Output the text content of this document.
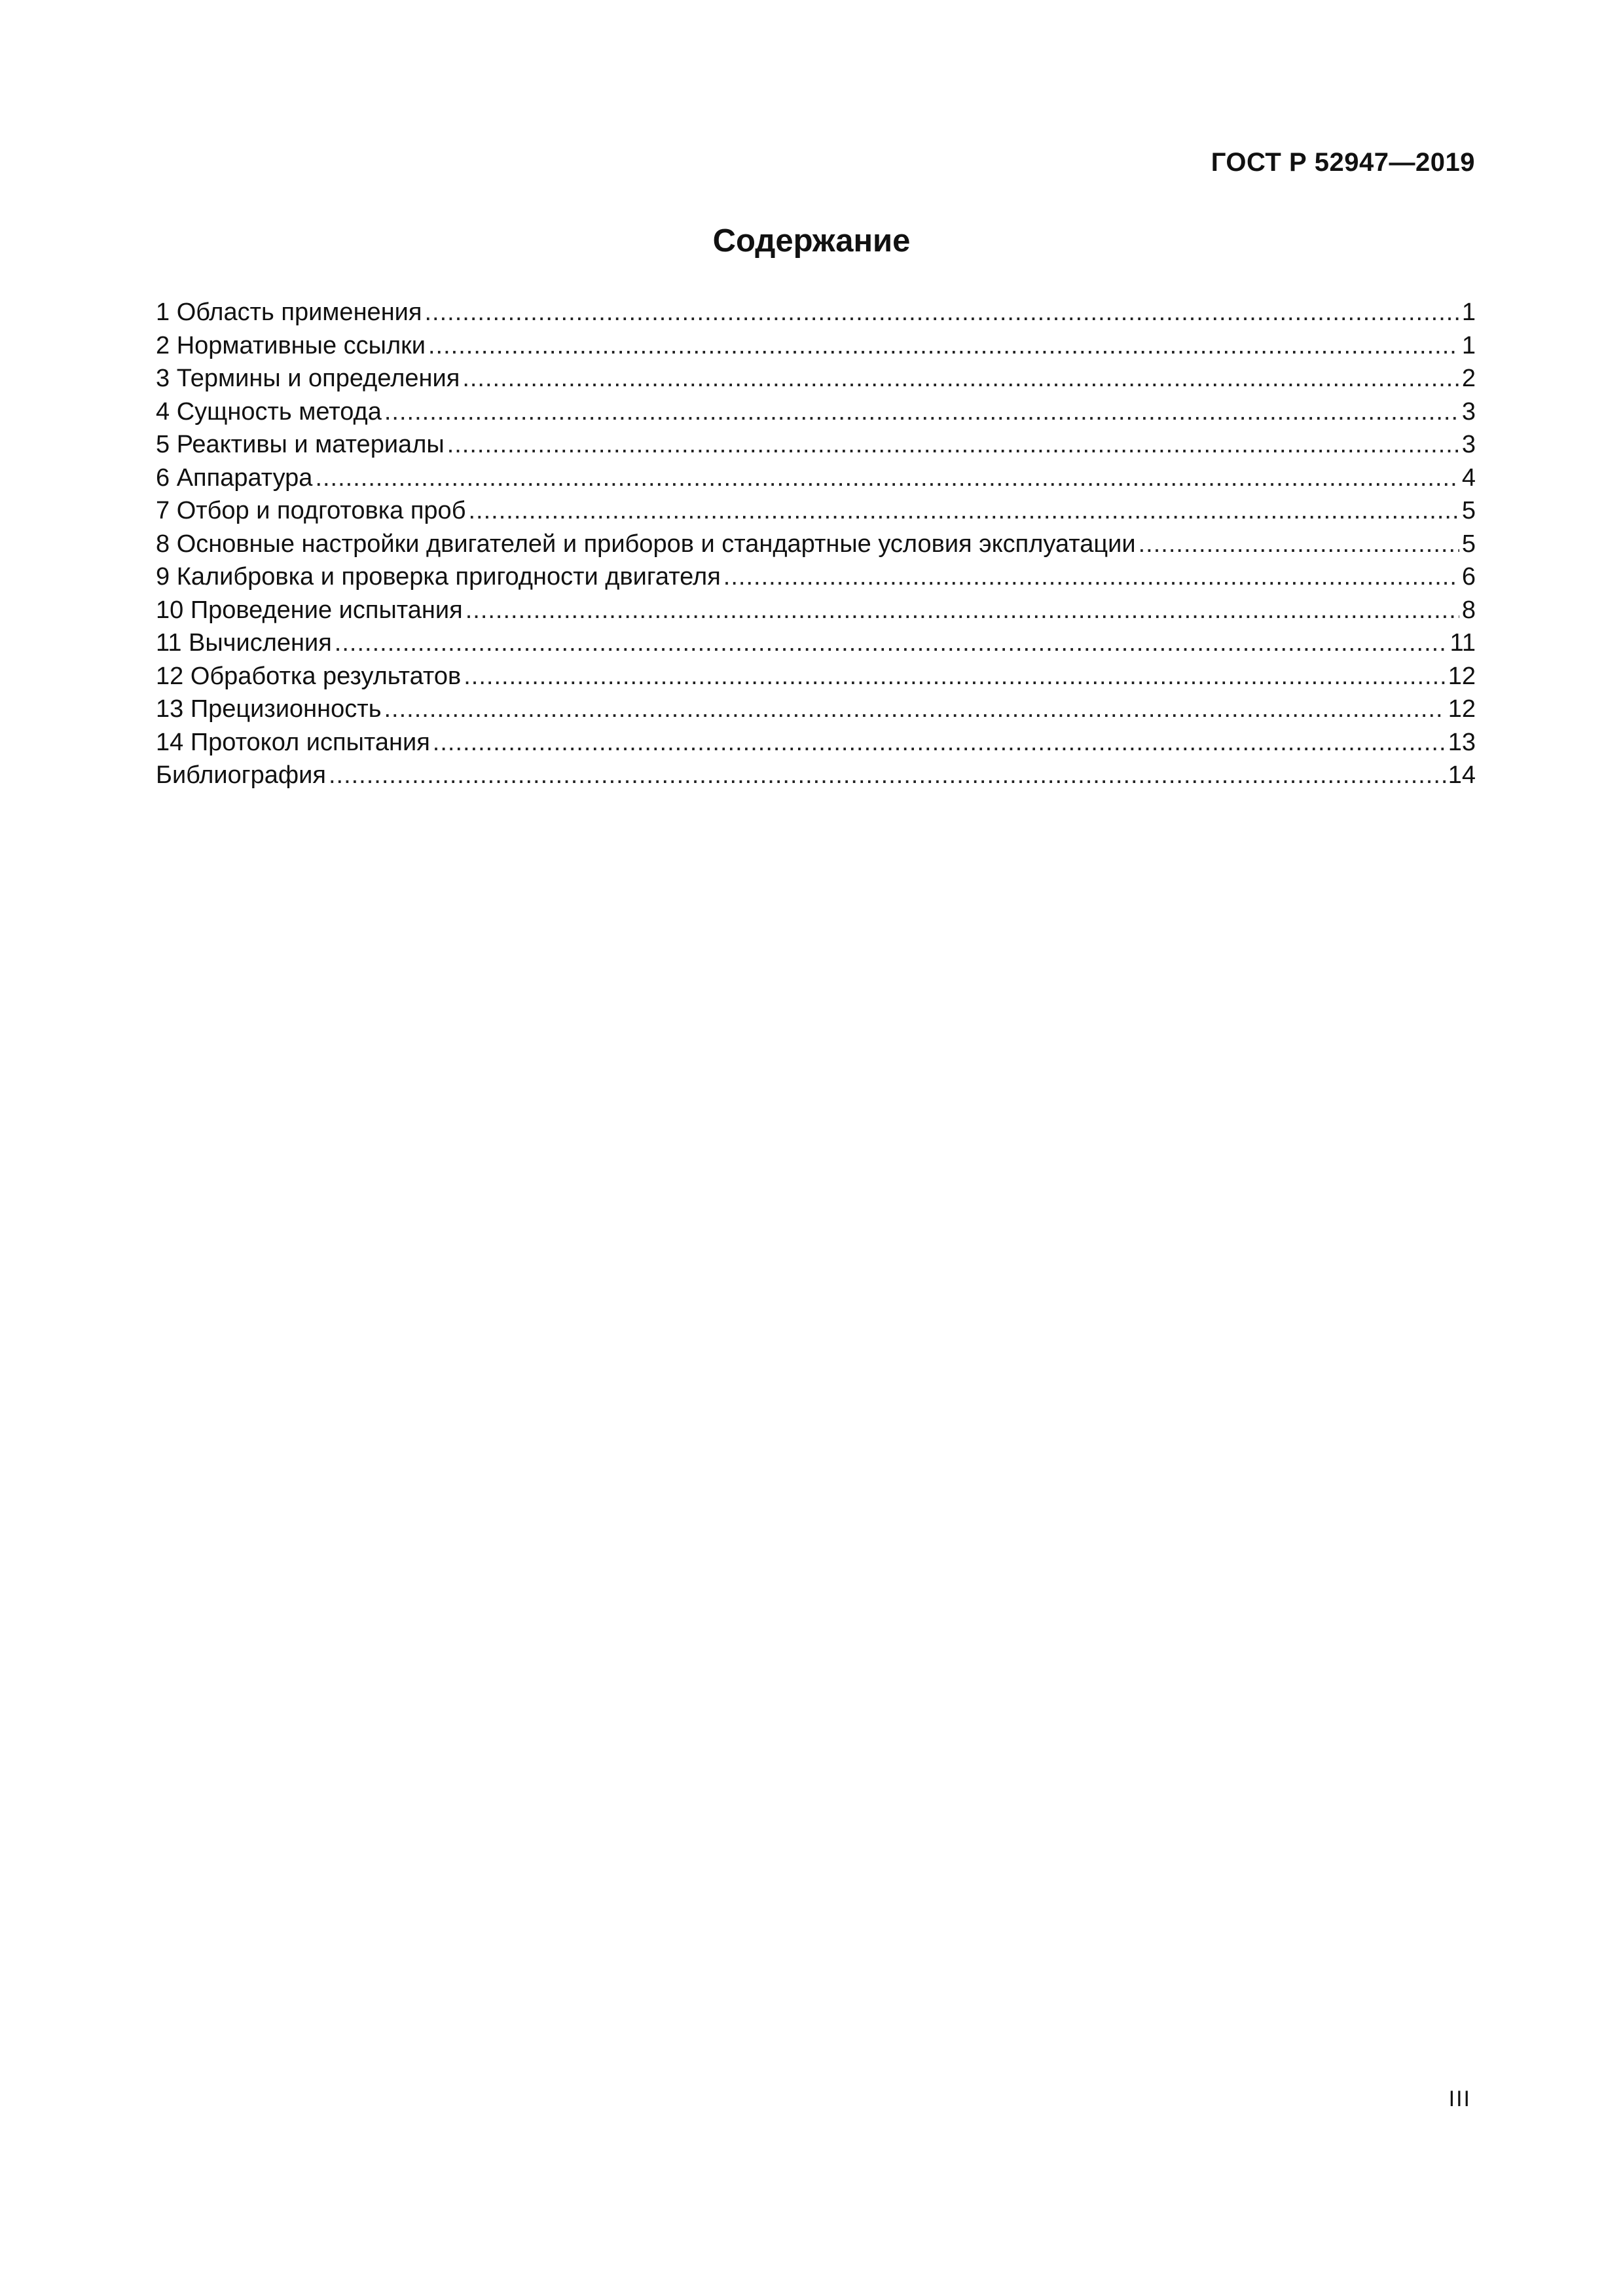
ГОСТ Р 52947—2019
Содержание
1 Область применения .....	1
2 Нормативные ссылки .....	1
3 Термины и определения .....	2
4 Сущность метода .....	3
5 Реактивы и материалы .....	3
6 Аппаратура .....	4
7 Отбор и подготовка проб .....	5
8 Основные настройки двигателей и приборов и стандартные условия эксплуатации .....	5
9 Калибровка и проверка пригодности двигателя .....	6
10 Проведение испытания .....	8
11 Вычисления .....	11
12 Обработка результатов .....	12
13 Прецизионность .....	12
14 Протокол испытания .....	13
Библиография .....	14
III
